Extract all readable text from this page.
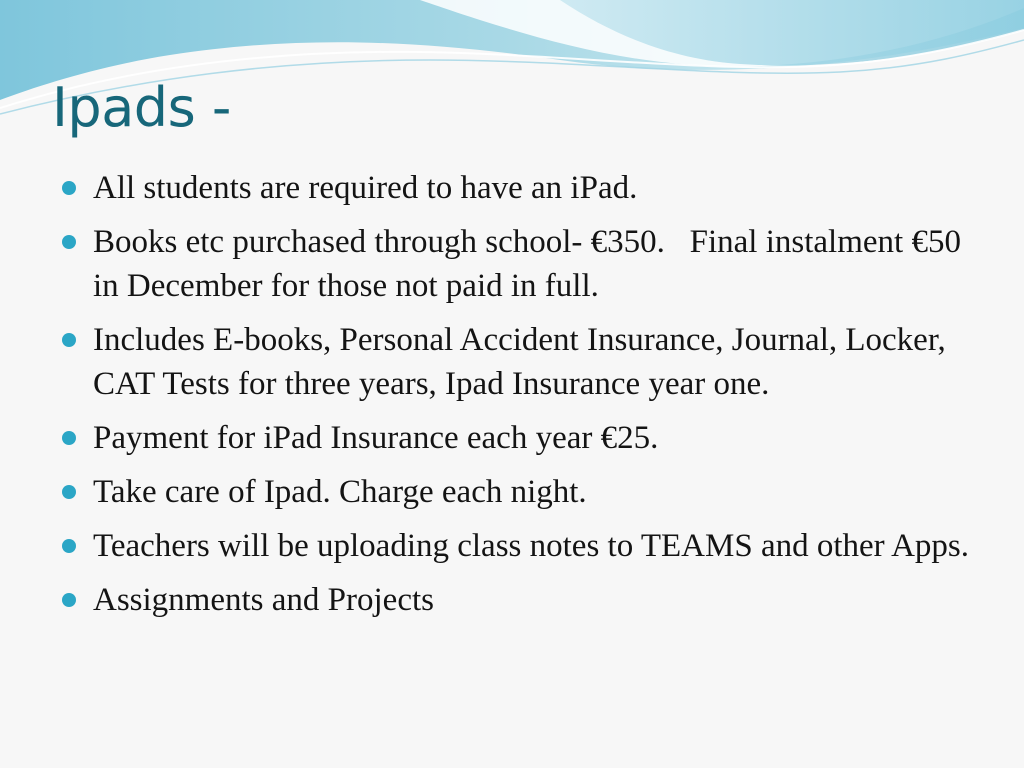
Ipads -
All students are required to have an iPad.
Books etc purchased through school- €350.   Final instalment €50 in December for those not paid in full.
Includes E-books, Personal Accident Insurance, Journal, Locker, CAT Tests for three years, Ipad Insurance year one.
Payment for iPad Insurance each year €25.
Take care of Ipad. Charge each night.
Teachers will be uploading class notes to TEAMS and other Apps.
Assignments and Projects
